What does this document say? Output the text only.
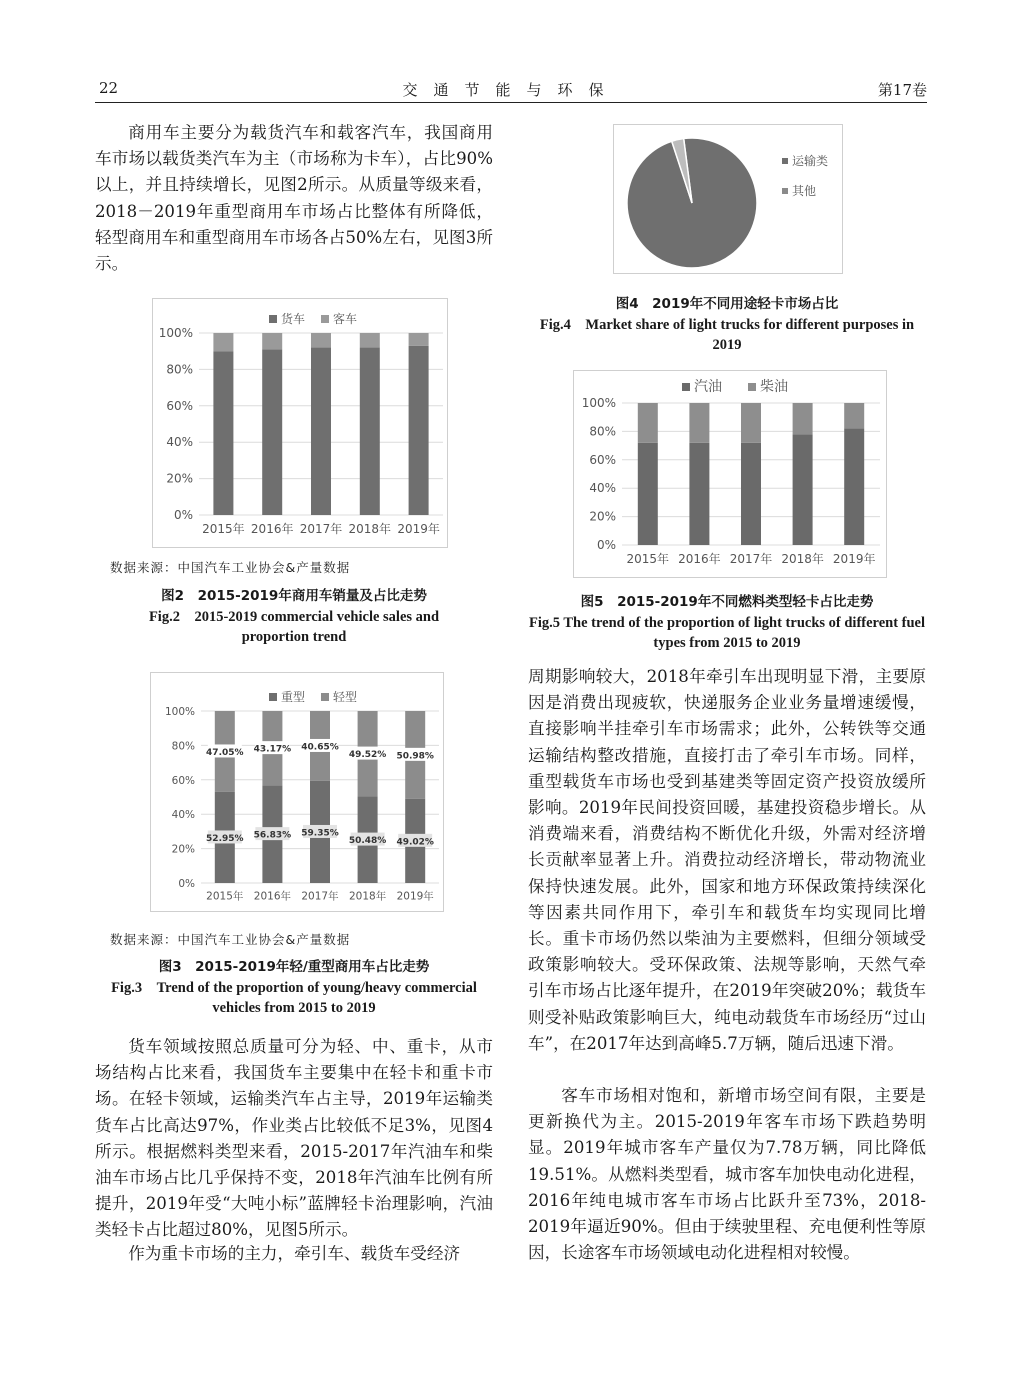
22	交通节能与环保	第17卷

商用车主要分为载货汽车和载客汽车，我国商用车市场以载货类汽车为主（市场称为卡车），占比90%以上，并且持续增长，见图2所示。从质量等级来看，2018－2019年重型商用车市场占比整体有所降低，轻型商用车和重型商用车市场各占50%左右，见图3所示。

0%
20%
40%
60%
80%
100%
2015年 2016年 2017年 2018年 2019年
货车 客车
数据来源：中国汽车工业协会&产量数据
图2　2015-2019年商用车销量及占比走势
Fig.2　2015-2019 commercial vehicle sales and proportion trend
0%
20%
40%
60%
80%
100%
52.95%
47.05%
2015年
56.83%
43.17%
2016年
59.35%
40.65%
2017年
50.48%
49.52%
2018年
49.02%
50.98%
2019年
重型 轻型
数据来源：中国汽车工业协会&产量数据
图3　2015-2019年轻/重型商用车占比走势
Fig.3　Trend of the proportion of young/heavy commercial vehicles from 2015 to 2019

货车领域按照总质量可分为轻、中、重卡，从市场结构占比来看，我国货车主要集中在轻卡和重卡市场。在轻卡领域，运输类汽车占主导，2019年运输类货车占比高达97%，作业类占比较低不足3%，见图4所示。根据燃料类型来看，2015-2017年汽油车和柴油车市场占比几乎保持不变，2018年汽油车比例有所提升，2019年受“大吨小标”蓝牌轻卡治理影响，汽油类轻卡占比超过80%，见图5所示。

作为重卡市场的主力，牵引车、载货车受经济

运输类
其他
图4　2019年不同用途轻卡市场占比
Fig.4　Market share of light trucks for different purposes in 2019
0%
20%
40%
60%
80%
100%
2015年 2016年 2017年 2018年 2019年
汽油	柴油
图5　2015-2019年不同燃料类型轻卡占比走势
Fig.5 The trend of the proportion of light trucks of different fuel types from 2015 to 2019

周期影响较大，2018年牵引车出现明显下滑，主要原因是消费出现疲软，快递服务企业业务量增速缓慢，直接影响半挂牵引车市场需求；此外，公转铁等交通运输结构整改措施，直接打击了牵引车市场。同样，重型载货车市场也受到基建类等固定资产投资放缓所影响。2019年民间投资回暖，基建投资稳步增长。从消费端来看，消费结构不断优化升级，外需对经济增长贡献率显著上升。消费拉动经济增长，带动物流业保持快速发展。此外，国家和地方环保政策持续深化等因素共同作用下，牵引车和载货车均实现同比增长。重卡市场仍然以柴油为主要燃料，但细分领域受政策影响较大。受环保政策、法规等影响，天然气牵引车市场占比逐年提升，在2019年突破20%；载货车则受补贴政策影响巨大，纯电动载货车市场经历“过山车”，在2017年达到高峰5.7万辆，随后迅速下滑。

客车市场相对饱和，新增市场空间有限，主要是更新换代为主。2015-2019年客车市场下跌趋势明显。2019年城市客车产量仅为7.78万辆，同比降低19.51%。从燃料类型看，城市客车加快电动化进程，2016年纯电城市客车市场占比跃升至73%，2018-2019年逼近90%。但由于续驶里程、充电便利性等原因，长途客车市场领域电动化进程相对较慢。
